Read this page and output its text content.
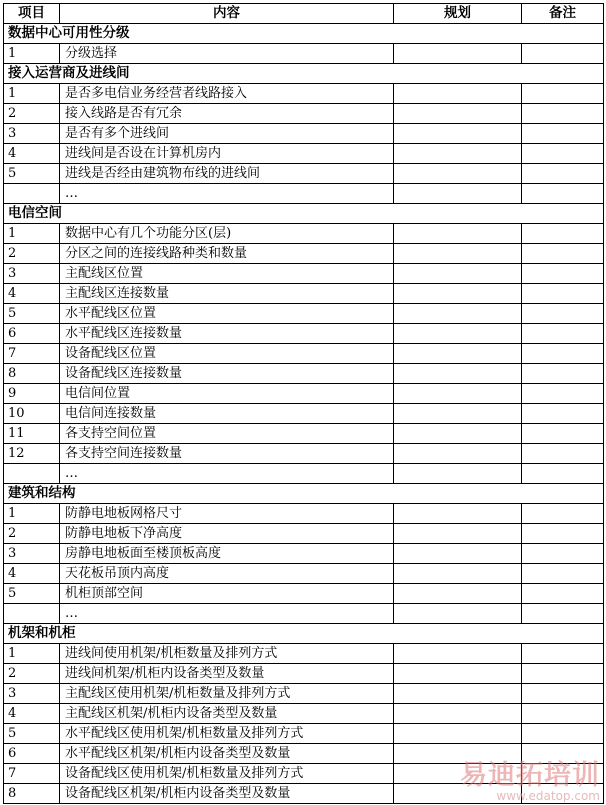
项目	内容	规划	备注
数据中心可用性分级			
1	分级选择		
接入运营商及进线间			
1	是否多电信业务经营者线路接入		
2	接入线路是否有冗余		
3	是否有多个进线间		
4	进线间是否设在计算机房内		
5	进线是否经由建筑物布线的进线间		
	…		
电信空间			
1	数据中心有几个功能分区(层)		
2	分区之间的连接线路种类和数量		
3	主配线区位置		
4	主配线区连接数量		
5	水平配线区位置		
6	水平配线区连接数量		
7	设备配线区位置		
8	设备配线区连接数量		
9	电信间位置		
10	电信间连接数量		
11	各支持空间位置		
12	各支持空间连接数量		
	…		
建筑和结构			
1	防静电地板网格尺寸		
2	防静电地板下净高度		
3	房静电地板面至楼顶板高度		
4	天花板吊顶内高度		
5	机柜顶部空间		
	…		
机架和机柜			
1	进线间使用机架/机柜数量及排列方式		
2	进线间机架/机柜内设备类型及数量		
3	主配线区使用机架/机柜数量及排列方式		
4	主配线区机架/机柜内设备类型及数量		
5	水平配线区使用机架/机柜数量及排列方式		
6	水平配线区机架/机柜内设备类型及数量		
7	设备配线区使用机架/机柜数量及排列方式		
8	设备配线区机架/机柜内设备类型及数量		
易迪拓培训
www.edatop.com
